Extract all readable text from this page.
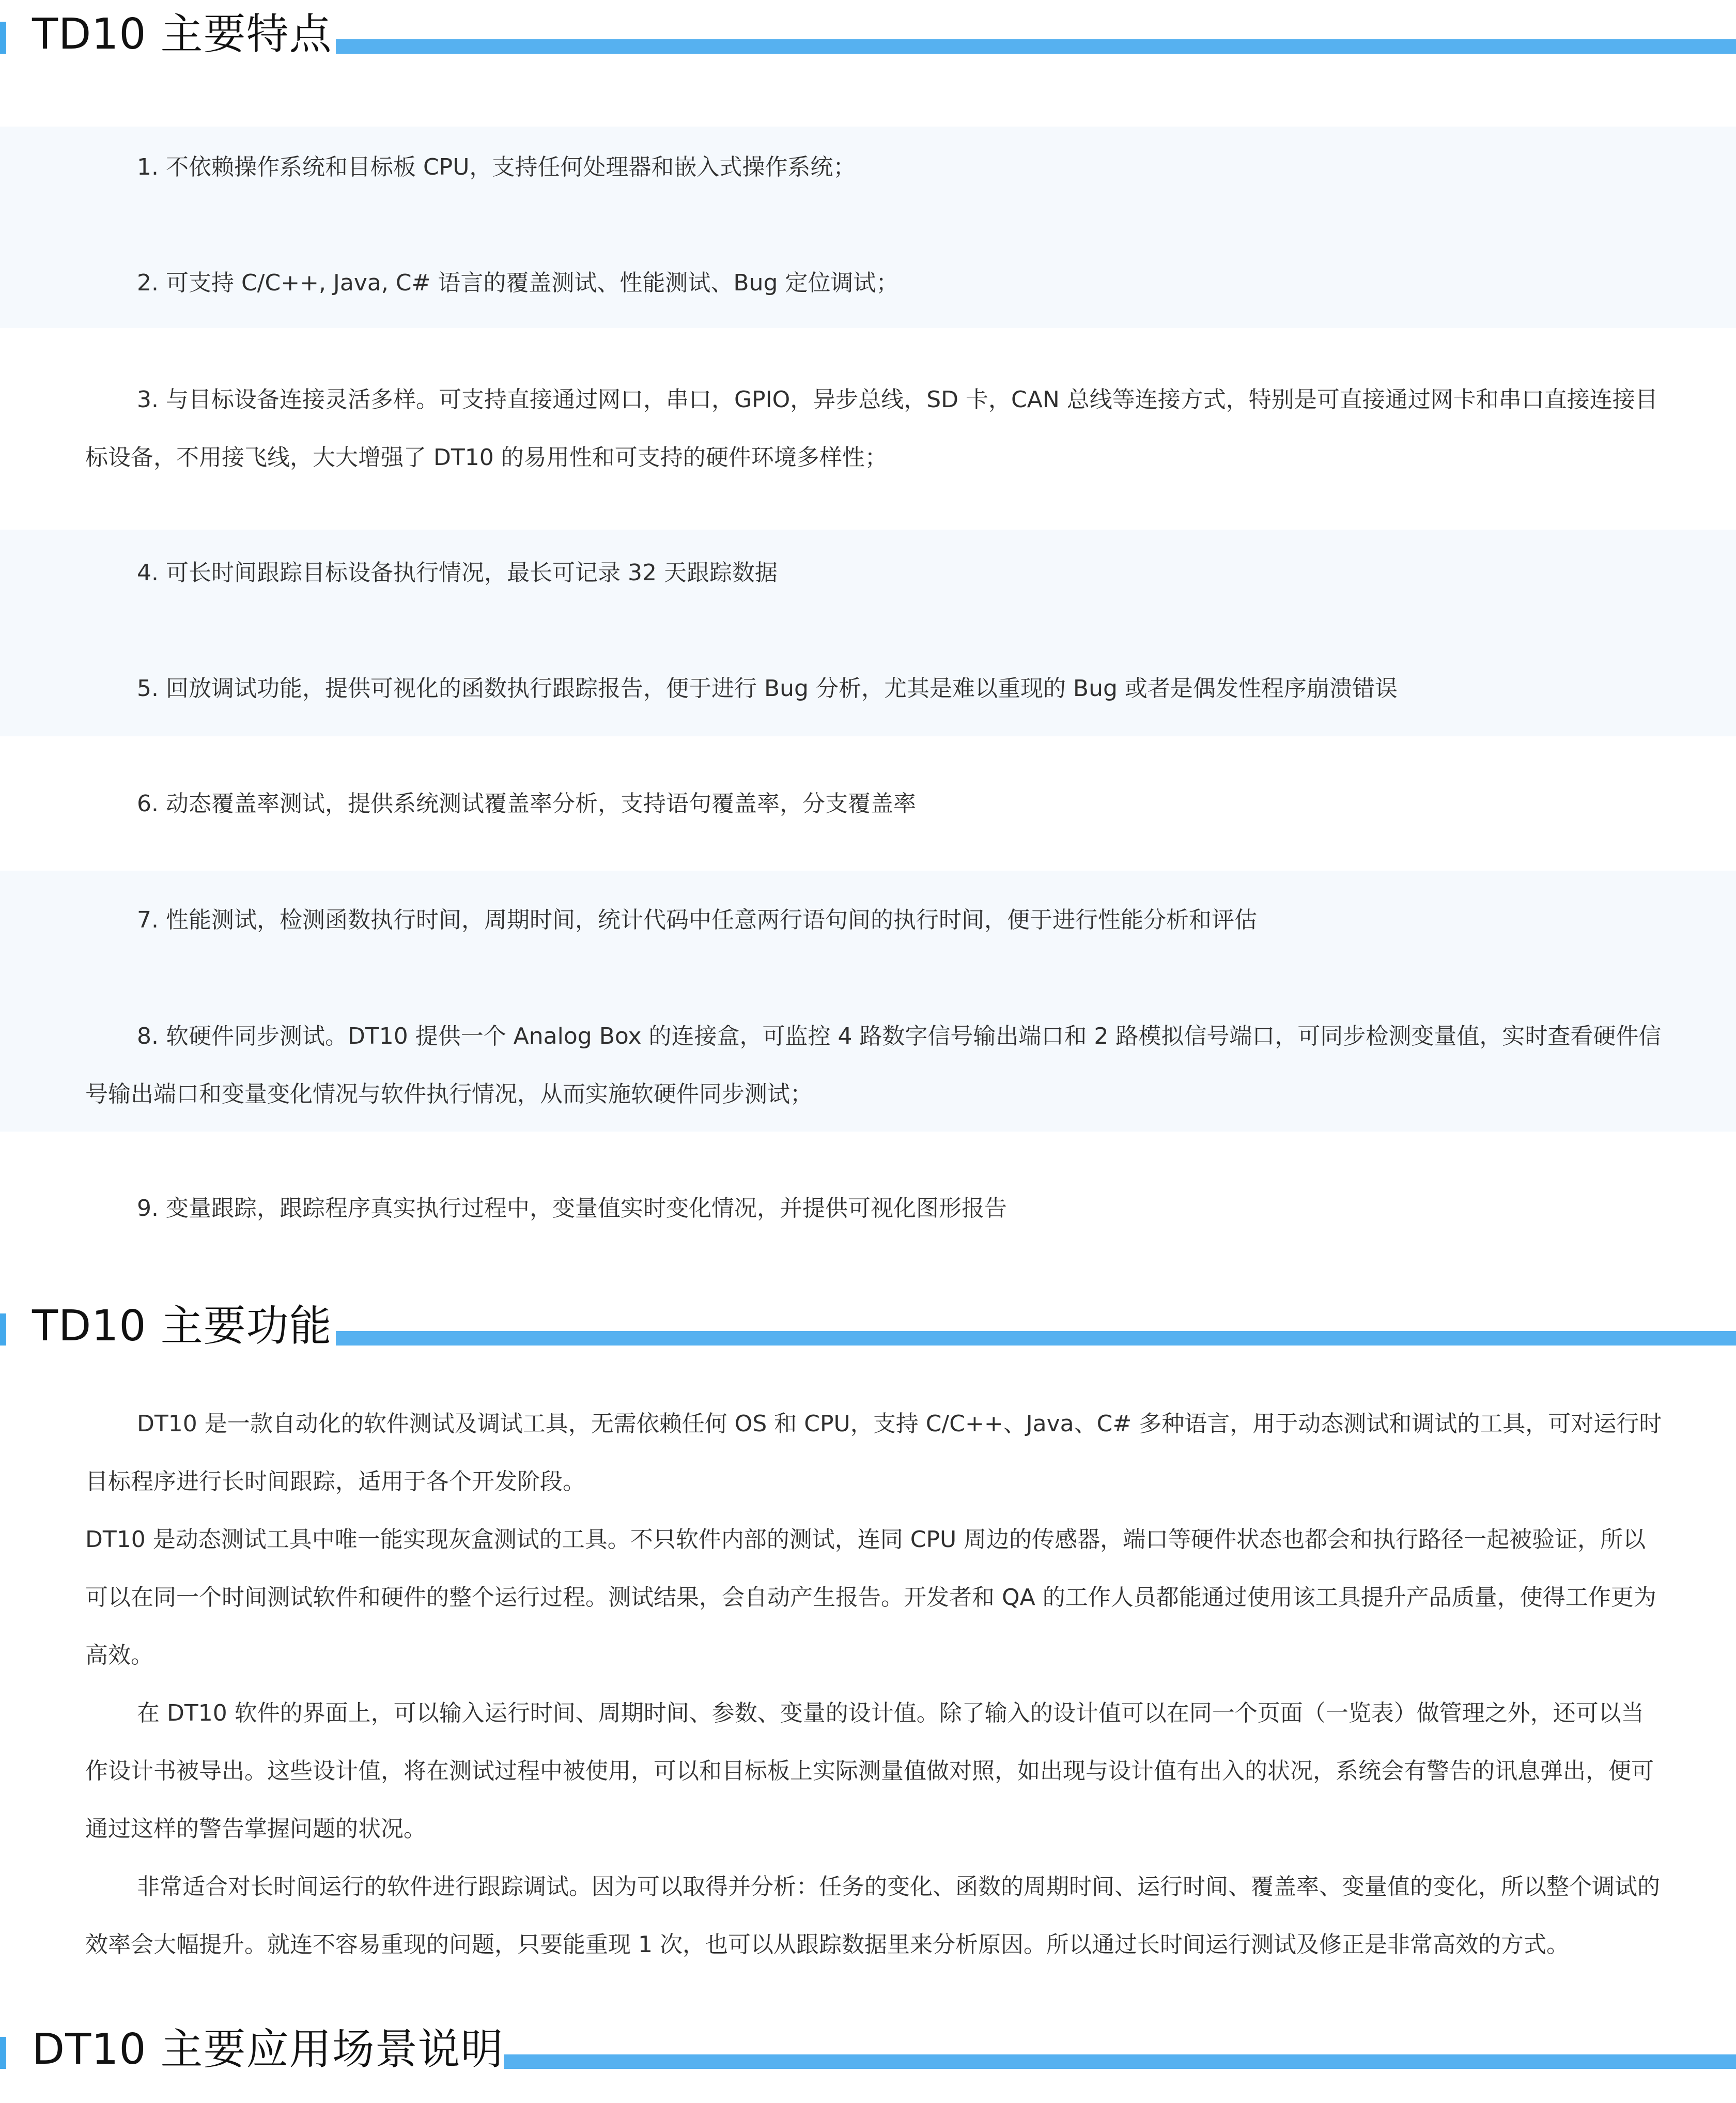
TD10 主要特点

1. 不依赖操作系统和目标板 CPU，支持任何处理器和嵌入式操作系统；

2. 可支持 C/C++, Java, C# 语言的覆盖测试、性能测试、Bug 定位调试；

3. 与目标设备连接灵活多样。可支持直接通过网口，串口，GPIO，异步总线，SD 卡，CAN 总线等连接方式，特别是可直接通过网卡和串口直接连接目标设备，不用接飞线，大大增强了 DT10 的易用性和可支持的硬件环境多样性；

4. 可长时间跟踪目标设备执行情况，最长可记录 32 天跟踪数据

5. 回放调试功能，提供可视化的函数执行跟踪报告，便于进行 Bug 分析，尤其是难以重现的 Bug 或者是偶发性程序崩溃错误

6. 动态覆盖率测试，提供系统测试覆盖率分析，支持语句覆盖率，分支覆盖率

7. 性能测试，检测函数执行时间，周期时间，统计代码中任意两行语句间的执行时间，便于进行性能分析和评估

8. 软硬件同步测试。DT10 提供一个 Analog Box 的连接盒，可监控 4 路数字信号输出端口和 2 路模拟信号端口，可同步检测变量值，实时查看硬件信号输出端口和变量变化情况与软件执行情况，从而实施软硬件同步测试；

9. 变量跟踪，跟踪程序真实执行过程中，变量值实时变化情况，并提供可视化图形报告

TD10 主要功能

DT10 是一款自动化的软件测试及调试工具，无需依赖任何 OS 和 CPU，支持 C/C++、Java、C# 多种语言，用于动态测试和调试的工具，可对运行时目标程序进行长时间跟踪，适用于各个开发阶段。

DT10 是动态测试工具中唯一能实现灰盒测试的工具。不只软件内部的测试，连同 CPU 周边的传感器，端口等硬件状态也都会和执行路径一起被验证，所以可以在同一个时间测试软件和硬件的整个运行过程。测试结果，会自动产生报告。开发者和 QA 的工作人员都能通过使用该工具提升产品质量，使得工作更为高效。

在 DT10 软件的界面上，可以输入运行时间、周期时间、参数、变量的设计值。除了输入的设计值可以在同一个页面（一览表）做管理之外，还可以当作设计书被导出。这些设计值，将在测试过程中被使用，可以和目标板上实际测量值做对照，如出现与设计值有出入的状况，系统会有警告的讯息弹出，便可通过这样的警告掌握问题的状况。

非常适合对长时间运行的软件进行跟踪调试。因为可以取得并分析：任务的变化、函数的周期时间、运行时间、覆盖率、变量值的变化，所以整个调试的效率会大幅提升。就连不容易重现的问题，只要能重现 1 次，也可以从跟踪数据里来分析原因。所以通过长时间运行测试及修正是非常高效的方式。

DT10 主要应用场景说明
